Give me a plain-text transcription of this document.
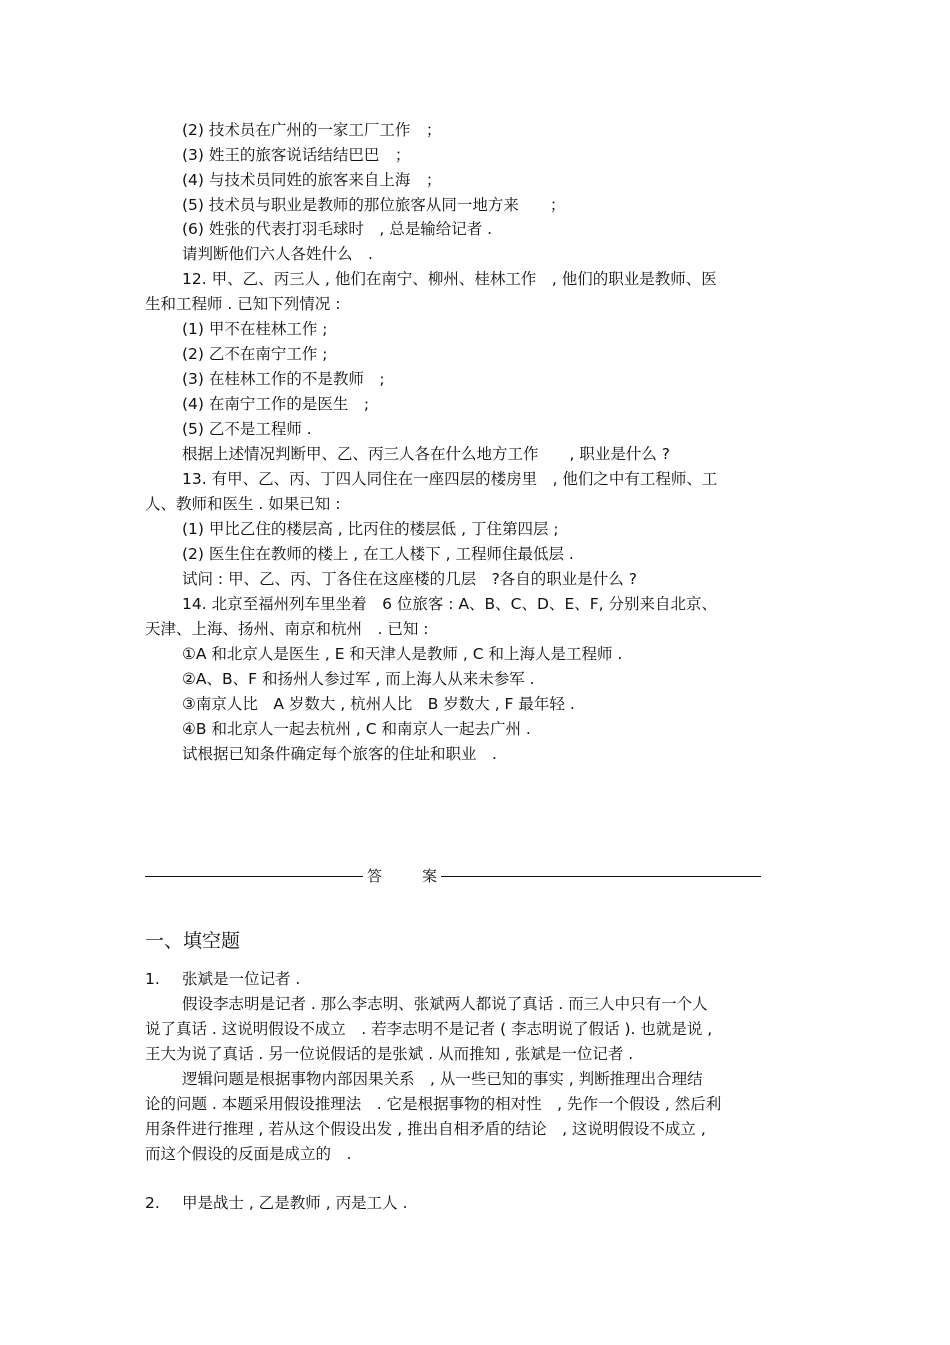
(2) 技术员在广州的一家工厂工作　；
(3) 姓王的旅客说话结结巴巴　；
(4) 与技术员同姓的旅客来自上海　；
(5) 技术员与职业是教师的那位旅客从同一地方来　　；
(6) 姓张的代表打羽毛球时　, 总是输给记者 .
请判断他们六人各姓什么　.
12. 甲、乙、丙三人 , 他们在南宁、柳州、桂林工作　, 他们的职业是教师、医
生和工程师 . 已知下列情况 :
(1) 甲不在桂林工作 ;
(2) 乙不在南宁工作 ;
(3) 在桂林工作的不是教师　;
(4) 在南宁工作的是医生　;
(5) 乙不是工程师 .
根据上述情况判断甲、乙、丙三人各在什么地方工作　　, 职业是什么 ?
13. 有甲、乙、丙、丁四人同住在一座四层的楼房里　, 他们之中有工程师、工
人、教师和医生 . 如果已知 :
(1) 甲比乙住的楼层高 , 比丙住的楼层低 , 丁住第四层 ;
(2) 医生住在教师的楼上 , 在工人楼下 , 工程师住最低层 .
试问 : 甲、乙、丙、丁各住在这座楼的几层　?各自的职业是什么 ?
14. 北京至福州列车里坐着　6 位旅客 : A、B、C、D、E、F, 分别来自北京、
天津、上海、扬州、南京和杭州　. 已知 :
①A 和北京人是医生 , E 和天津人是教师 , C 和上海人是工程师 .
②A、B、F 和扬州人参过军 , 而上海人从来未参军 .
③南京人比　A 岁数大 , 杭州人比　B 岁数大 , F 最年轻 .
④B 和北京人一起去杭州 , C 和南京人一起去广州 .
试根据已知条件确定每个旅客的住址和职业　.
答	案
一、填空题
1. 张斌是一位记者 .
假设李志明是记者 . 那么李志明、张斌两人都说了真话 . 而三人中只有一个人
说了真话 . 这说明假设不成立　. 若李志明不是记者 ( 李志明说了假话 ). 也就是说 ,
王大为说了真话 . 另一位说假话的是张斌 . 从而推知 , 张斌是一位记者 .
逻辑问题是根据事物内部因果关系　, 从一些已知的事实 , 判断推理出合理结
论的问题 . 本题采用假设推理法　. 它是根据事物的相对性　, 先作一个假设 , 然后利
用条件进行推理 , 若从这个假设出发 , 推出自相矛盾的结论　, 这说明假设不成立 ,
而这个假设的反面是成立的　.
2. 甲是战士 , 乙是教师 , 丙是工人 .
